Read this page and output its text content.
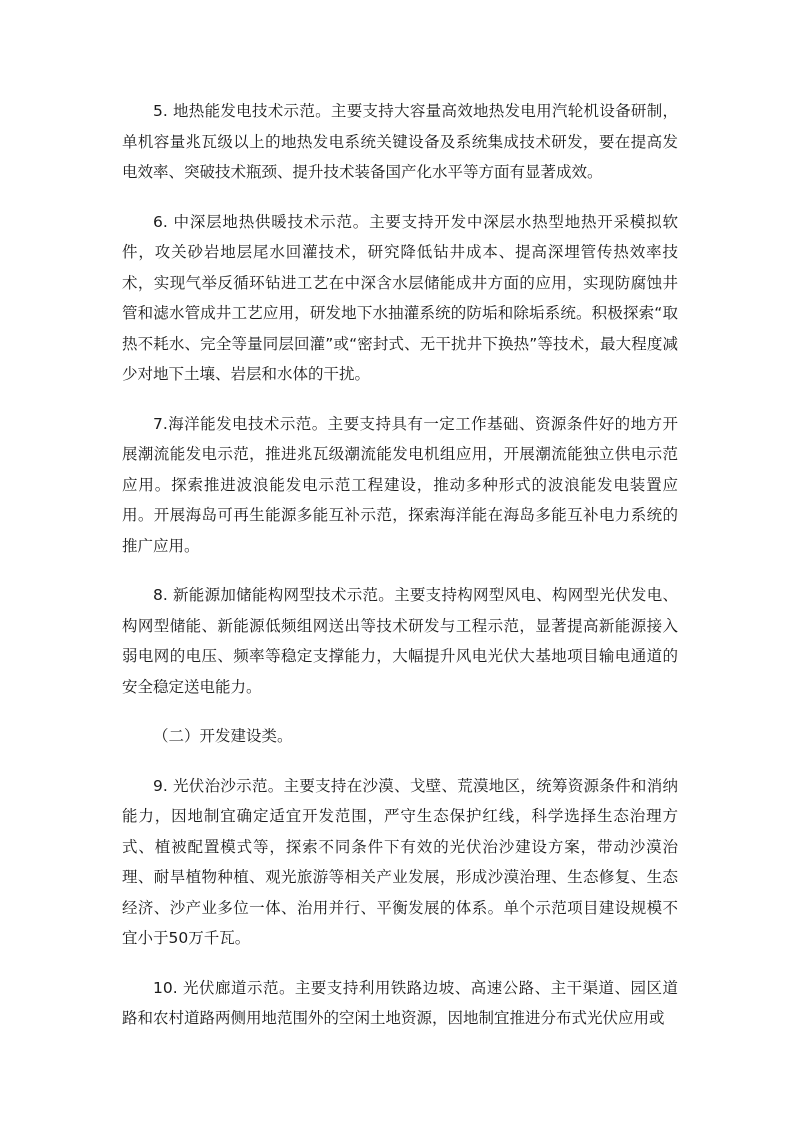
5. 地热能发电技术示范。主要支持大容量高效地热发电用汽轮机设备研制，单机容量兆瓦级以上的地热发电系统关键设备及系统集成技术研发，要在提高发电效率、突破技术瓶颈、提升技术装备国产化水平等方面有显著成效。

6. 中深层地热供暖技术示范。主要支持开发中深层水热型地热开采模拟软件，攻关砂岩地层尾水回灌技术，研究降低钻井成本、提高深埋管传热效率技术，实现气举反循环钻进工艺在中深含水层储能成井方面的应用，实现防腐蚀井管和滤水管成井工艺应用，研发地下水抽灌系统的防垢和除垢系统。积极探索“取热不耗水、完全等量同层回灌”或“密封式、无干扰井下换热”等技术，最大程度减少对地下土壤、岩层和水体的干扰。

7.海洋能发电技术示范。主要支持具有一定工作基础、资源条件好的地方开展潮流能发电示范，推进兆瓦级潮流能发电机组应用，开展潮流能独立供电示范应用。探索推进波浪能发电示范工程建设，推动多种形式的波浪能发电装置应用。开展海岛可再生能源多能互补示范，探索海洋能在海岛多能互补电力系统的推广应用。

8. 新能源加储能构网型技术示范。主要支持构网型风电、构网型光伏发电、构网型储能、新能源低频组网送出等技术研发与工程示范，显著提高新能源接入弱电网的电压、频率等稳定支撑能力，大幅提升风电光伏大基地项目输电通道的安全稳定送电能力。

（二）开发建设类。

9. 光伏治沙示范。主要支持在沙漠、戈壁、荒漠地区，统筹资源条件和消纳能力，因地制宜确定适宜开发范围，严守生态保护红线，科学选择生态治理方式、植被配置模式等，探索不同条件下有效的光伏治沙建设方案，带动沙漠治理、耐旱植物种植、观光旅游等相关产业发展，形成沙漠治理、生态修复、生态经济、沙产业多位一体、治用并行、平衡发展的体系。单个示范项目建设规模不宜小于50万千瓦。

10. 光伏廊道示范。主要支持利用铁路边坡、高速公路、主干渠道、园区道路和农村道路两侧用地范围外的空闲土地资源，因地制宜推进分布式光伏应用或
